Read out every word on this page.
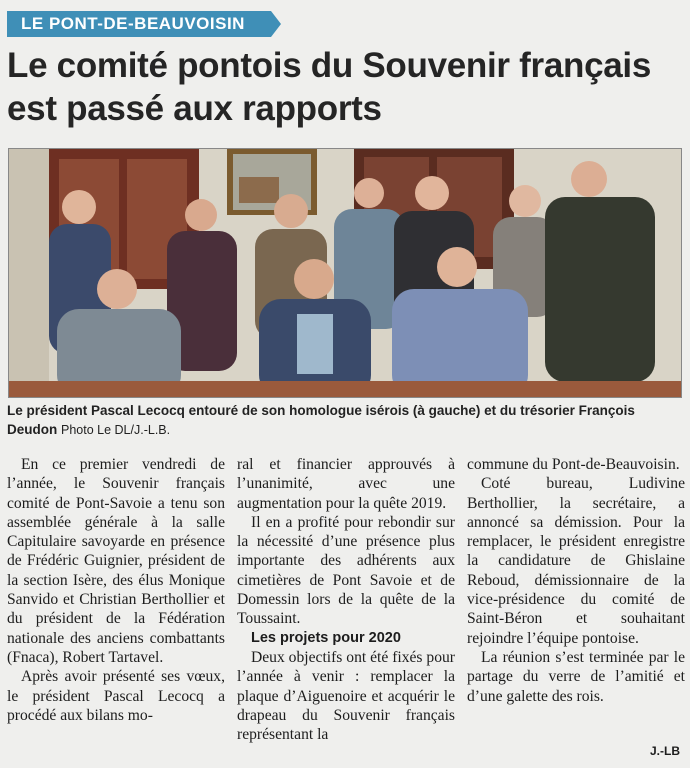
LE PONT-DE-BEAUVOISIN
Le comité pontois du Souvenir français est passé aux rapports
Le président Pascal Lecocq entouré de son homologue isérois (à gauche) et du trésorier François Deudon Photo Le DL/J.-L.B.

En ce premier vendredi de l’année, le Souvenir français comité de Pont-Savoie a tenu son assemblée générale à la salle Capitulaire savoyarde en présence de Frédéric Guignier, président de la section Isère, des élus Monique Sanvido et Christian Berthollier et du président de la Fédération nationale des anciens combattants (Fnaca), Robert Tartavel.

Après avoir présenté ses vœux, le président Pascal Lecocq a procédé aux bilans mo-

ral et financier approuvés à l’unanimité, avec une augmentation pour la quête 2019.

Il en a profité pour rebondir sur la nécessité d’une présence plus importante des adhérents aux cimetières de Pont Savoie et de Domessin lors de la quête de la Toussaint.

Les projets pour 2020

Deux objectifs ont été fixés pour l’année à venir : remplacer la plaque d’Aiguenoire et acquérir le drapeau du Souvenir français représentant la

commune du Pont-de-Beauvoisin.

Coté bureau, Ludivine Berthollier, la secrétaire, a annoncé sa démission. Pour la remplacer, le président enregistre la candidature de Ghislaine Reboud, démissionnaire de la vice-présidence du comité de Saint-Béron et souhaitant rejoindre l’équipe pontoise.

La réunion s’est terminée par le partage du verre de l’amitié et d’une galette des rois.

J.-LB
